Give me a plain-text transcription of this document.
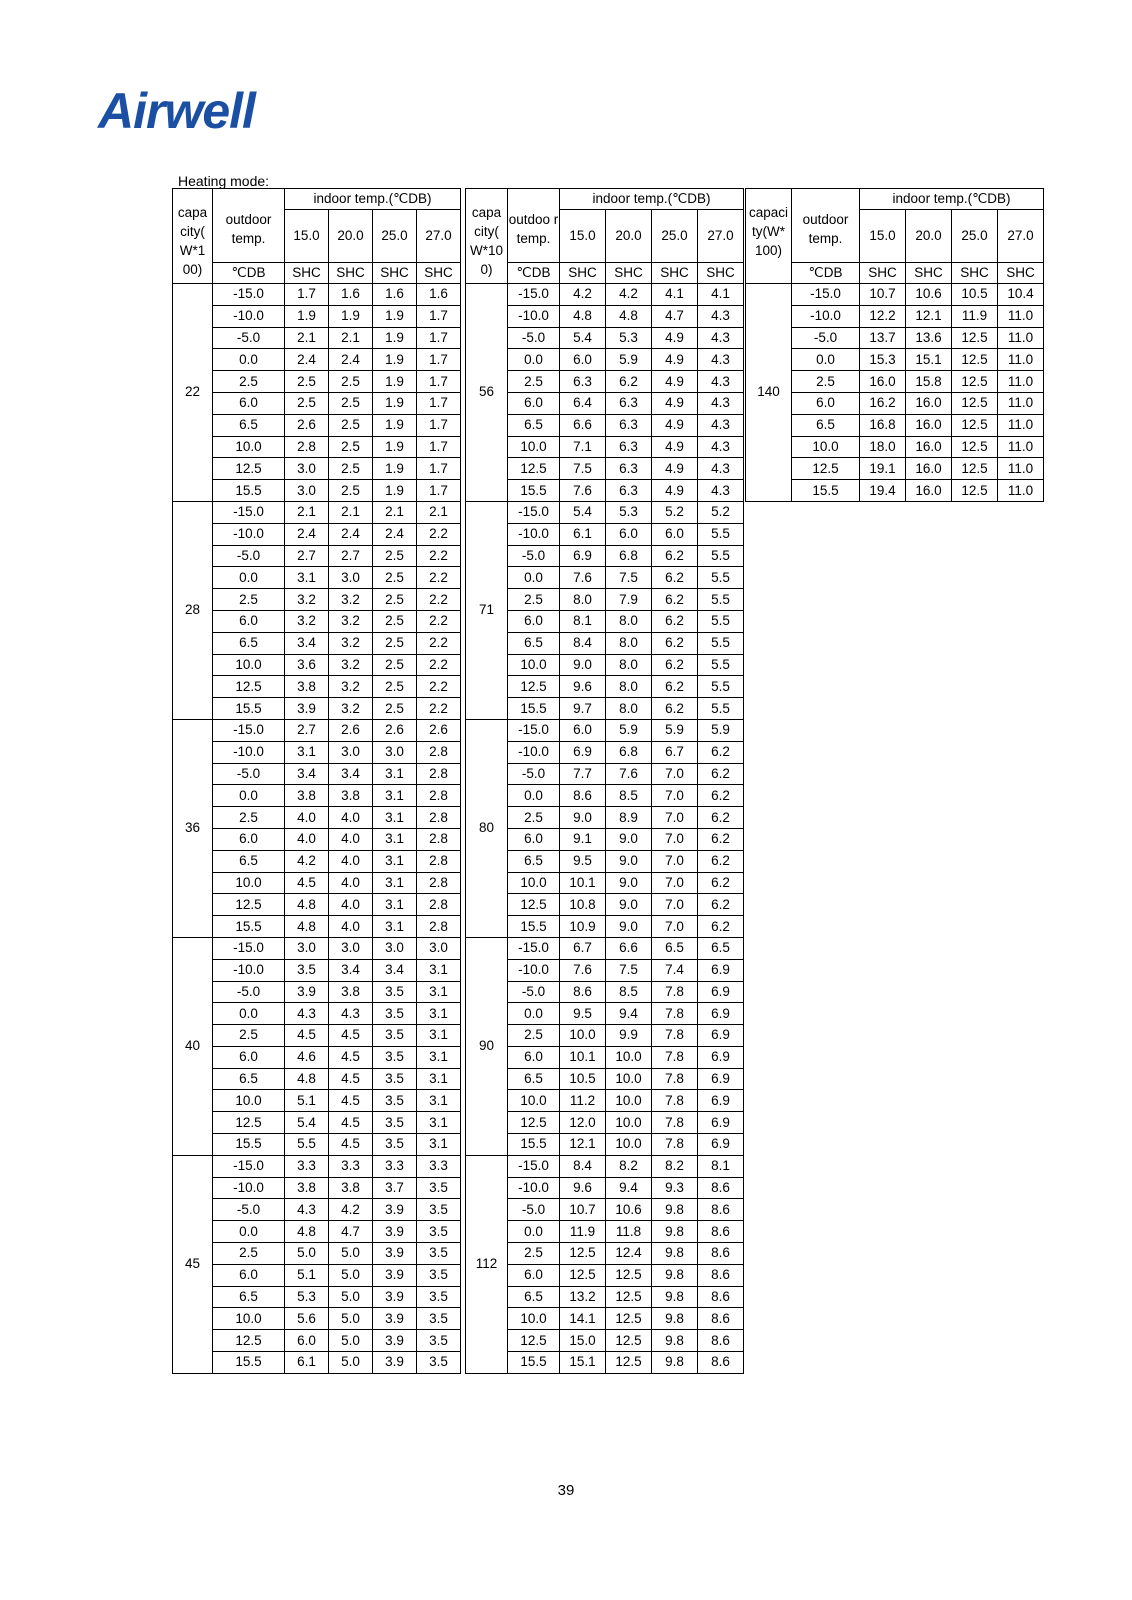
Airwell
Heating mode:
capa city( W*1 00)		indoor temp.(℃DB)			
	outdoor temp.	15.0	20.0	25.0	27.0
	℃DB	SHC	SHC	SHC	SHC
22	-15.0	1.7	1.6	1.6	1.6
	-10.0	1.9	1.9	1.9	1.7
	-5.0	2.1	2.1	1.9	1.7
	0.0	2.4	2.4	1.9	1.7
	2.5	2.5	2.5	1.9	1.7
	6.0	2.5	2.5	1.9	1.7
	6.5	2.6	2.5	1.9	1.7
	10.0	2.8	2.5	1.9	1.7
	12.5	3.0	2.5	1.9	1.7
	15.5	3.0	2.5	1.9	1.7
28	-15.0	2.1	2.1	2.1	2.1
	-10.0	2.4	2.4	2.4	2.2
	-5.0	2.7	2.7	2.5	2.2
	0.0	3.1	3.0	2.5	2.2
	2.5	3.2	3.2	2.5	2.2
	6.0	3.2	3.2	2.5	2.2
	6.5	3.4	3.2	2.5	2.2
	10.0	3.6	3.2	2.5	2.2
	12.5	3.8	3.2	2.5	2.2
	15.5	3.9	3.2	2.5	2.2
36	-15.0	2.7	2.6	2.6	2.6
	-10.0	3.1	3.0	3.0	2.8
	-5.0	3.4	3.4	3.1	2.8
	0.0	3.8	3.8	3.1	2.8
	2.5	4.0	4.0	3.1	2.8
	6.0	4.0	4.0	3.1	2.8
	6.5	4.2	4.0	3.1	2.8
	10.0	4.5	4.0	3.1	2.8
	12.5	4.8	4.0	3.1	2.8
	15.5	4.8	4.0	3.1	2.8
40	-15.0	3.0	3.0	3.0	3.0
	-10.0	3.5	3.4	3.4	3.1
	-5.0	3.9	3.8	3.5	3.1
	0.0	4.3	4.3	3.5	3.1
	2.5	4.5	4.5	3.5	3.1
	6.0	4.6	4.5	3.5	3.1
	6.5	4.8	4.5	3.5	3.1
	10.0	5.1	4.5	3.5	3.1
	12.5	5.4	4.5	3.5	3.1
	15.5	5.5	4.5	3.5	3.1
45	-15.0	3.3	3.3	3.3	3.3
	-10.0	3.8	3.8	3.7	3.5
	-5.0	4.3	4.2	3.9	3.5
	0.0	4.8	4.7	3.9	3.5
	2.5	5.0	5.0	3.9	3.5
	6.0	5.1	5.0	3.9	3.5
	6.5	5.3	5.0	3.9	3.5
	10.0	5.6	5.0	3.9	3.5
	12.5	6.0	5.0	3.9	3.5
	15.5	6.1	5.0	3.9	3.5
capa city( W*10 0)		indoor temp.(℃DB)			
	outdoo r temp.	15.0	20.0	25.0	27.0
	℃DB	SHC	SHC	SHC	SHC
56	-15.0	4.2	4.2	4.1	4.1
	-10.0	4.8	4.8	4.7	4.3
	-5.0	5.4	5.3	4.9	4.3
	0.0	6.0	5.9	4.9	4.3
	2.5	6.3	6.2	4.9	4.3
	6.0	6.4	6.3	4.9	4.3
	6.5	6.6	6.3	4.9	4.3
	10.0	7.1	6.3	4.9	4.3
	12.5	7.5	6.3	4.9	4.3
	15.5	7.6	6.3	4.9	4.3
71	-15.0	5.4	5.3	5.2	5.2
	-10.0	6.1	6.0	6.0	5.5
	-5.0	6.9	6.8	6.2	5.5
	0.0	7.6	7.5	6.2	5.5
	2.5	8.0	7.9	6.2	5.5
	6.0	8.1	8.0	6.2	5.5
	6.5	8.4	8.0	6.2	5.5
	10.0	9.0	8.0	6.2	5.5
	12.5	9.6	8.0	6.2	5.5
	15.5	9.7	8.0	6.2	5.5
80	-15.0	6.0	5.9	5.9	5.9
	-10.0	6.9	6.8	6.7	6.2
	-5.0	7.7	7.6	7.0	6.2
	0.0	8.6	8.5	7.0	6.2
	2.5	9.0	8.9	7.0	6.2
	6.0	9.1	9.0	7.0	6.2
	6.5	9.5	9.0	7.0	6.2
	10.0	10.1	9.0	7.0	6.2
	12.5	10.8	9.0	7.0	6.2
	15.5	10.9	9.0	7.0	6.2
90	-15.0	6.7	6.6	6.5	6.5
	-10.0	7.6	7.5	7.4	6.9
	-5.0	8.6	8.5	7.8	6.9
	0.0	9.5	9.4	7.8	6.9
	2.5	10.0	9.9	7.8	6.9
	6.0	10.1	10.0	7.8	6.9
	6.5	10.5	10.0	7.8	6.9
	10.0	11.2	10.0	7.8	6.9
	12.5	12.0	10.0	7.8	6.9
	15.5	12.1	10.0	7.8	6.9
112	-15.0	8.4	8.2	8.2	8.1
	-10.0	9.6	9.4	9.3	8.6
	-5.0	10.7	10.6	9.8	8.6
	0.0	11.9	11.8	9.8	8.6
	2.5	12.5	12.4	9.8	8.6
	6.0	12.5	12.5	9.8	8.6
	6.5	13.2	12.5	9.8	8.6
	10.0	14.1	12.5	9.8	8.6
	12.5	15.0	12.5	9.8	8.6
	15.5	15.1	12.5	9.8	8.6
capaci ty(W* 100)		indoor temp.(℃DB)			
	outdoor temp.	15.0	20.0	25.0	27.0
	℃DB	SHC	SHC	SHC	SHC
140	-15.0	10.7	10.6	10.5	10.4
	-10.0	12.2	12.1	11.9	11.0
	-5.0	13.7	13.6	12.5	11.0
	0.0	15.3	15.1	12.5	11.0
	2.5	16.0	15.8	12.5	11.0
	6.0	16.2	16.0	12.5	11.0
	6.5	16.8	16.0	12.5	11.0
	10.0	18.0	16.0	12.5	11.0
	12.5	19.1	16.0	12.5	11.0
	15.5	19.4	16.0	12.5	11.0
39
